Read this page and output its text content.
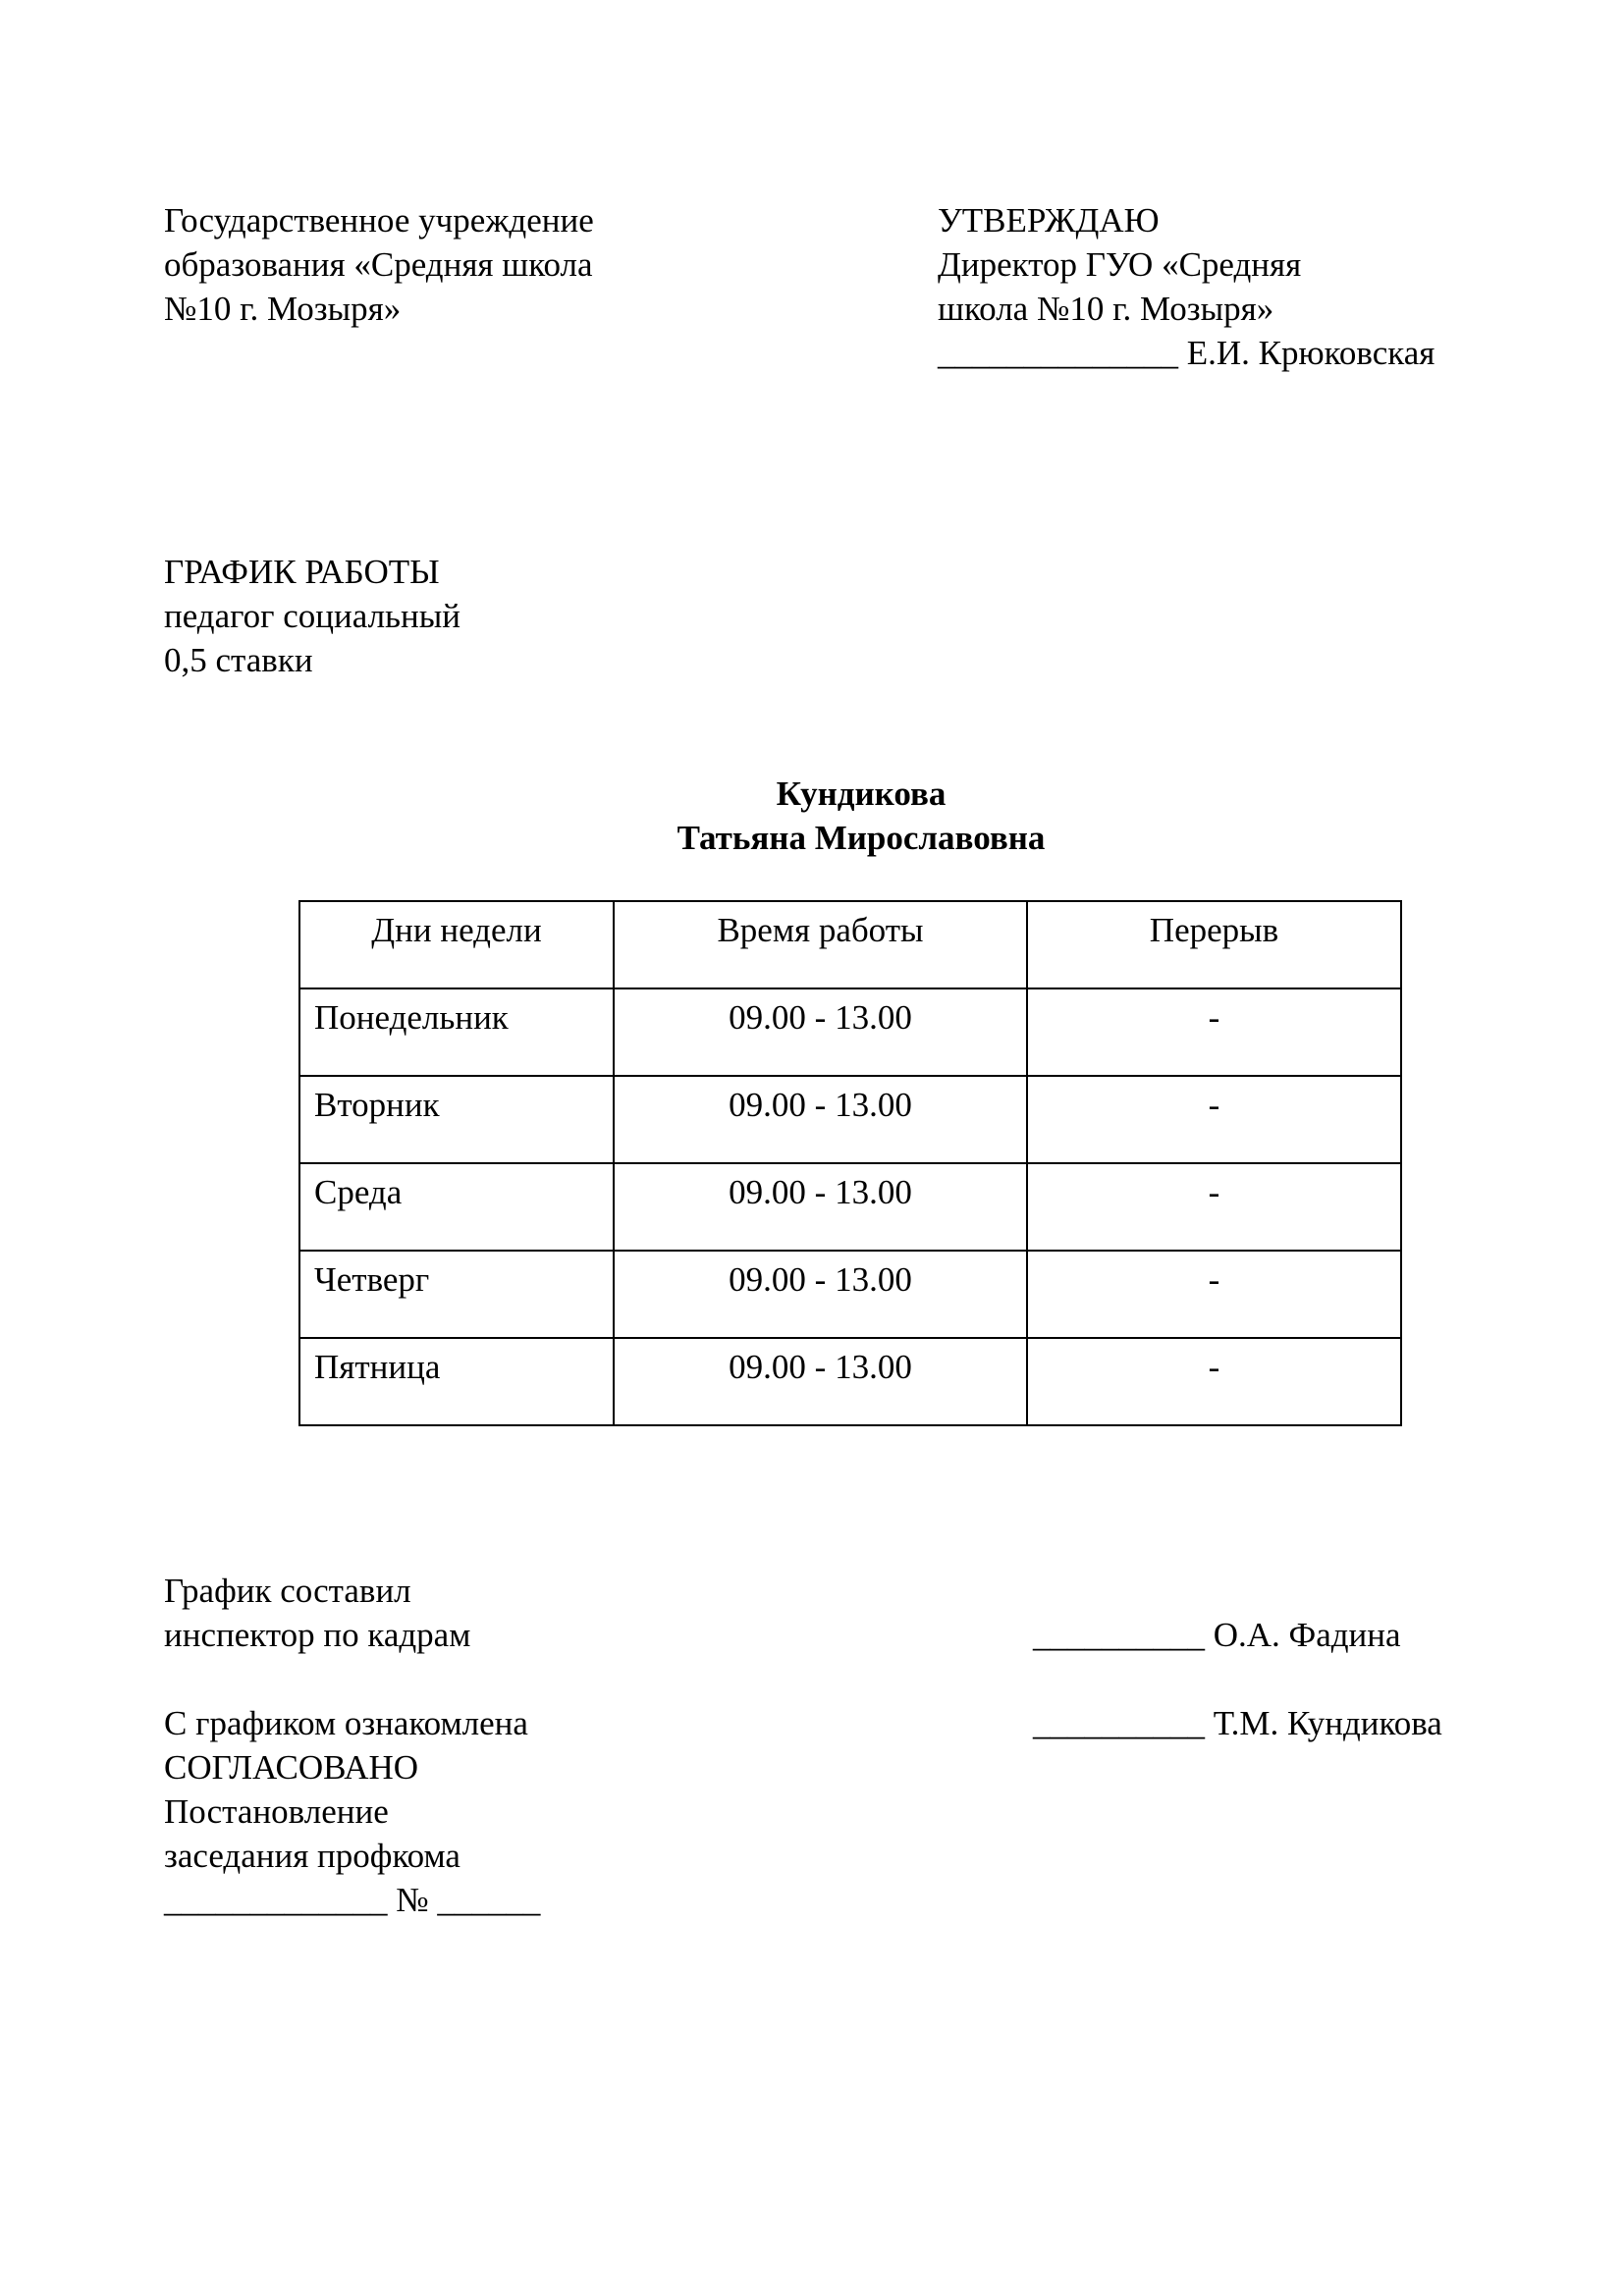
Государственное учреждение
образования «Средняя школа
№10 г. Мозыря»
УТВЕРЖДАЮ
Директор ГУО «Средняя
школа №10 г. Мозыря»
______________ Е.И. Крюковская
ГРАФИК РАБОТЫ
педагог социальный
0,5 ставки
Кундикова
Татьяна Мирославовна
Дни недели	Время работы	Перерыв

Понедельник	09.00 - 13.00	-

Вторник	09.00 - 13.00	-

Среда	09.00 - 13.00	-

Четверг	09.00 - 13.00	-

Пятница	09.00 - 13.00	-
График составил
инспектор по кадрам

С графиком ознакомлена
СОГЛАСОВАНО
Постановление
заседания профкома
_____________ № ______
__________ О.А. Фадина
__________ Т.М. Кундикова
